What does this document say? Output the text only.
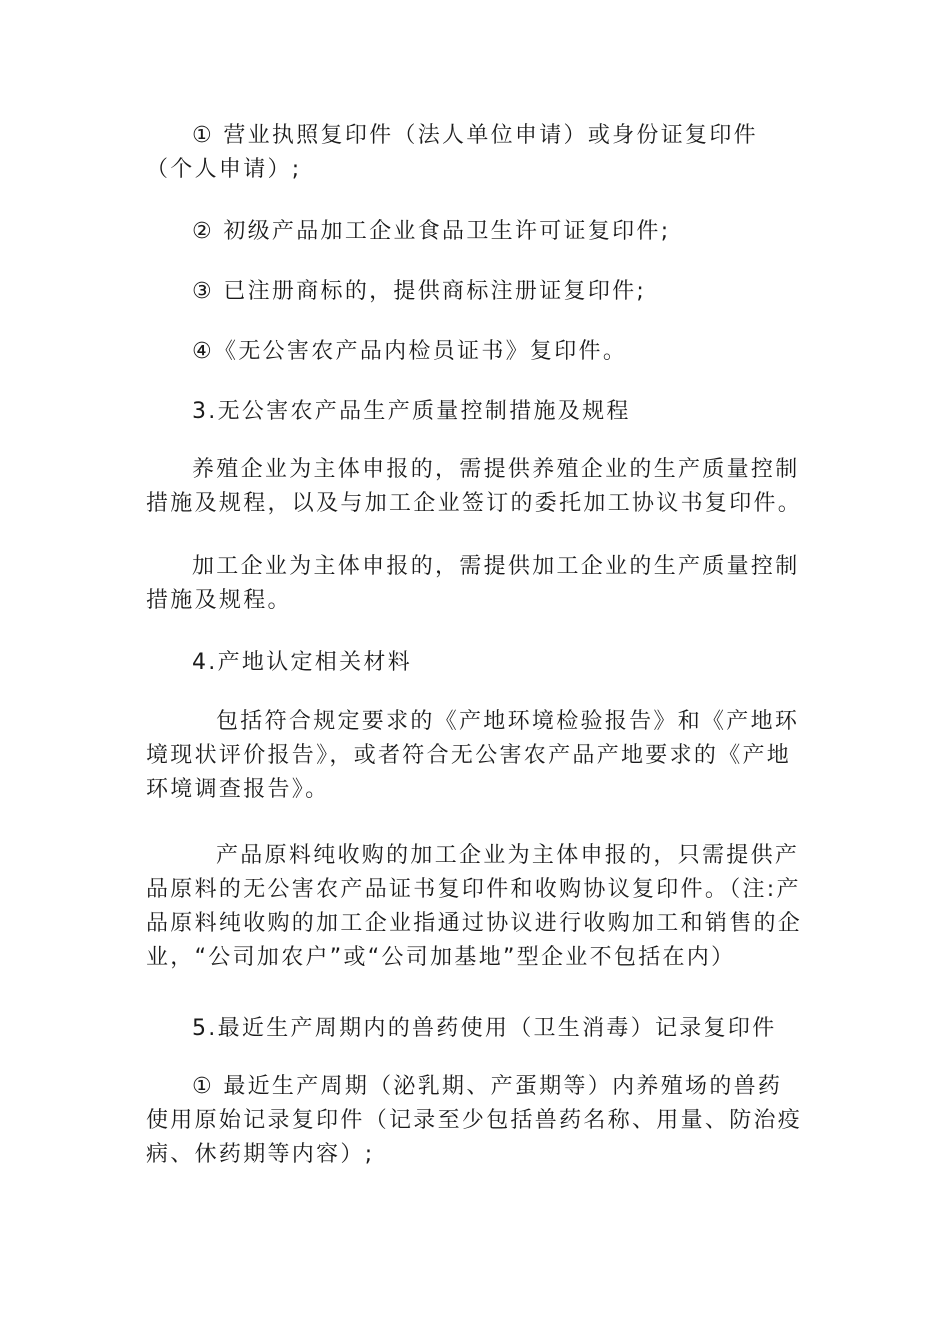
① 营业执照复印件（法人单位申请）或身份证复印件（个人申请）;

② 初级产品加工企业食品卫生许可证复印件;

③ 已注册商标的，提供商标注册证复印件;

④《无公害农产品内检员证书》复印件。

3.无公害农产品生产质量控制措施及规程

养殖企业为主体申报的，需提供养殖企业的生产质量控制措施及规程，以及与加工企业签订的委托加工协议书复印件。

加工企业为主体申报的，需提供加工企业的生产质量控制措施及规程。

4.产地认定相关材料

包括符合规定要求的《产地环境检验报告》和《产地环境现状评价报告》，或者符合无公害农产品产地要求的《产地环境调查报告》。

产品原料纯收购的加工企业为主体申报的，只需提供产品原料的无公害农产品证书复印件和收购协议复印件。（注:产品原料纯收购的加工企业指通过协议进行收购加工和销售的企业，“公司加农户”或“公司加基地”型企业不包括在内）

5.最近生产周期内的兽药使用（卫生消毒）记录复印件

① 最近生产周期（泌乳期、产蛋期等）内养殖场的兽药使用原始记录复印件（记录至少包括兽药名称、用量、防治疫病、休药期等内容）;
